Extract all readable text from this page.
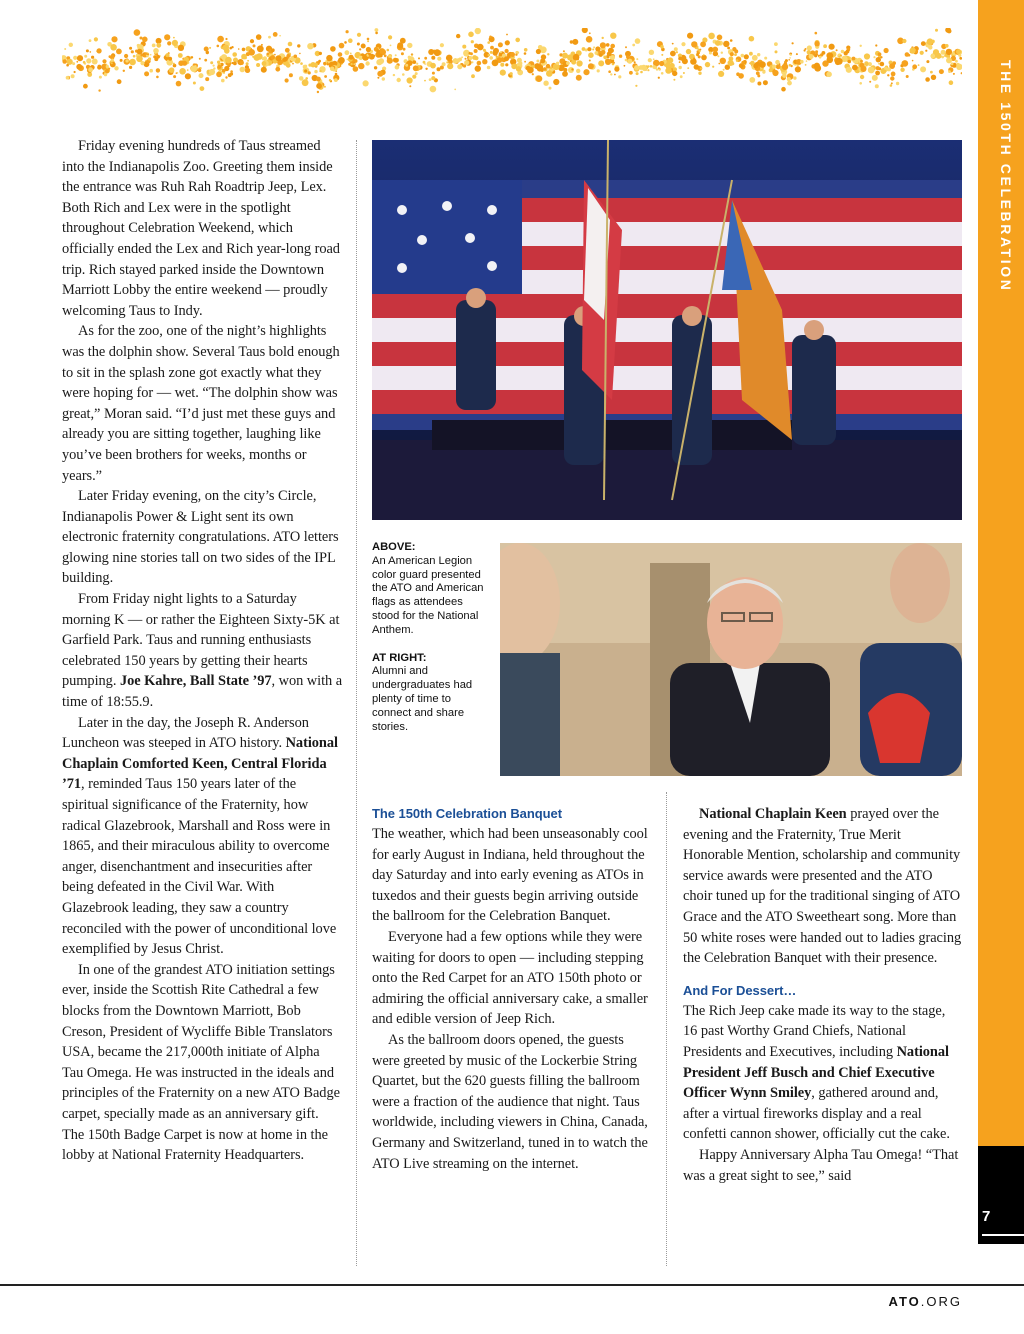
THE 150TH CELEBRATION
7
ABOVE:
An American Legion color guard presented the ATO and American flags as attendees stood for the National Anthem.
AT RIGHT:
Alumni and undergraduates had plenty of time to connect and share stories.

Friday evening hundreds of Taus streamed into the Indianapolis Zoo. Greeting them inside the entrance was Ruh Rah Roadtrip Jeep, Lex. Both Rich and Lex were in the spotlight throughout Celebration Weekend, which officially ended the Lex and Rich year-long road trip. Rich stayed parked inside the Downtown Marriott Lobby the entire weekend — proudly welcoming Taus to Indy.

As for the zoo, one of the night’s highlights was the dolphin show. Several Taus bold enough to sit in the splash zone got exactly what they were hoping for — wet. “The dolphin show was great,” Moran said. “I’d just met these guys and already you are sitting together, laughing like you’ve been brothers for weeks, months or years.”

Later Friday evening, on the city’s Circle, Indianapolis Power & Light sent its own electronic fraternity congratulations. ATO letters glowing nine stories tall on two sides of the IPL building.

From Friday night lights to a Saturday morning K — or rather the Eighteen Sixty-5K at Garfield Park. Taus and running enthusiasts celebrated 150 years by getting their hearts pumping. Joe Kahre, Ball State ’97, won with a time of 18:55.9.

Later in the day, the Joseph R. Anderson Luncheon was steeped in ATO history. National Chaplain Comforted Keen, Central Florida ’71, reminded Taus 150 years later of the spiritual significance of the Fraternity, how radical Glazebrook, Marshall and Ross were in 1865, and their miraculous ability to overcome anger, disenchantment and insecurities after being defeated in the Civil War. With Glazebrook leading, they saw a country reconciled with the power of unconditional love exemplified by Jesus Christ.

In one of the grandest ATO initiation settings ever, inside the Scottish Rite Cathedral a few blocks from the Downtown Marriott, Bob Creson, President of Wycliffe Bible Translators USA, became the 217,000th initiate of Alpha Tau Omega. He was instructed in the ideals and principles of the Fraternity on a new ATO Badge carpet, specially made as an anniversary gift. The 150th Badge Carpet is now at home in the lobby at National Fraternity Headquarters.

The 150th Celebration Banquet

The weather, which had been unseasonably cool for early August in Indiana, held throughout the day Saturday and into early evening as ATOs in tuxedos and their guests begin arriving outside the ballroom for the Celebration Banquet.

Everyone had a few options while they were waiting for doors to open — including stepping onto the Red Carpet for an ATO 150th photo or admiring the official anniversary cake, a smaller and edible version of Jeep Rich.

As the ballroom doors opened, the guests were greeted by music of the Lockerbie String Quartet, but the 620 guests filling the ballroom were a fraction of the audience that night. Taus worldwide, including viewers in China, Canada, Germany and Switzerland, tuned in to watch the ATO Live streaming on the internet.

National Chaplain Keen prayed over the evening and the Fraternity, True Merit Honorable Mention, scholarship and community service awards were presented and the ATO choir tuned up for the traditional singing of ATO Grace and the ATO Sweetheart song. More than 50 white roses were handed out to ladies gracing the Celebration Banquet with their presence.

And For Dessert…

The Rich Jeep cake made its way to the stage, 16 past Worthy Grand Chiefs, National Presidents and Executives, including National President Jeff Busch and Chief Executive Officer Wynn Smiley, gathered around and, after a virtual fireworks display and a real confetti cannon shower, officially cut the cake.

Happy Anniversary Alpha Tau Omega! “That was a great sight to see,” said

ATO.ORG
